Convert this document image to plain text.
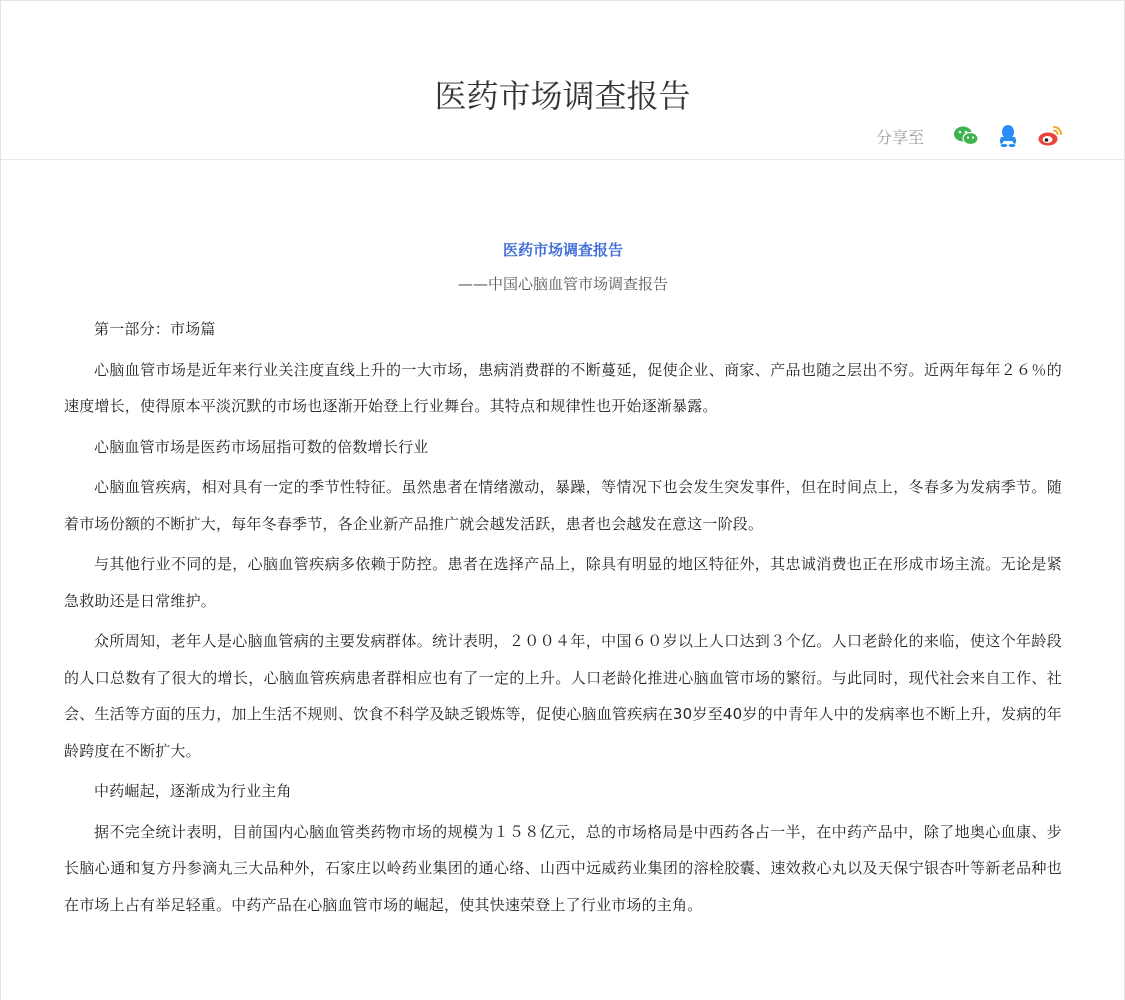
医药市场调查报告
分享至
医药市场调查报告
——中国心脑血管市场调查报告

第一部分：市场篇

心脑血管市场是近年来行业关注度直线上升的一大市场，患病消费群的不断蔓延，促使企业、商家、产品也随之层出不穷。近两年每年２６％的速度增长，使得原本平淡沉默的市场也逐渐开始登上行业舞台。其特点和规律性也开始逐渐暴露。

心脑血管市场是医药市场屈指可数的倍数增长行业

心脑血管疾病，相对具有一定的季节性特征。虽然患者在情绪激动，暴躁，等情况下也会发生突发事件，但在时间点上，冬春多为发病季节。随着市场份额的不断扩大，每年冬春季节，各企业新产品推广就会越发活跃，患者也会越发在意这一阶段。

与其他行业不同的是，心脑血管疾病多依赖于防控。患者在选择产品上，除具有明显的地区特征外，其忠诚消费也正在形成市场主流。无论是紧急救助还是日常维护。

众所周知，老年人是心脑血管病的主要发病群体。统计表明，２００４年，中国６０岁以上人口达到３个亿。人口老龄化的来临，使这个年龄段的人口总数有了很大的增长，心脑血管疾病患者群相应也有了一定的上升。人口老龄化推进心脑血管市场的繁衍。与此同时，现代社会来自工作、社会、生活等方面的压力，加上生活不规则、饮食不科学及缺乏锻炼等，促使心脑血管疾病在30岁至40岁的中青年人中的发病率也不断上升，发病的年龄跨度在不断扩大。

中药崛起，逐渐成为行业主角

据不完全统计表明，目前国内心脑血管类药物市场的规模为１５８亿元，总的市场格局是中西药各占一半，在中药产品中，除了地奥心血康、步长脑心通和复方丹参滴丸三大品种外，石家庄以岭药业集团的通心络、山西中远威药业集团的溶栓胶囊、速效救心丸以及天保宁银杏叶等新老品种也在市场上占有举足轻重。中药产品在心脑血管市场的崛起，使其快速荣登上了行业市场的主角。
